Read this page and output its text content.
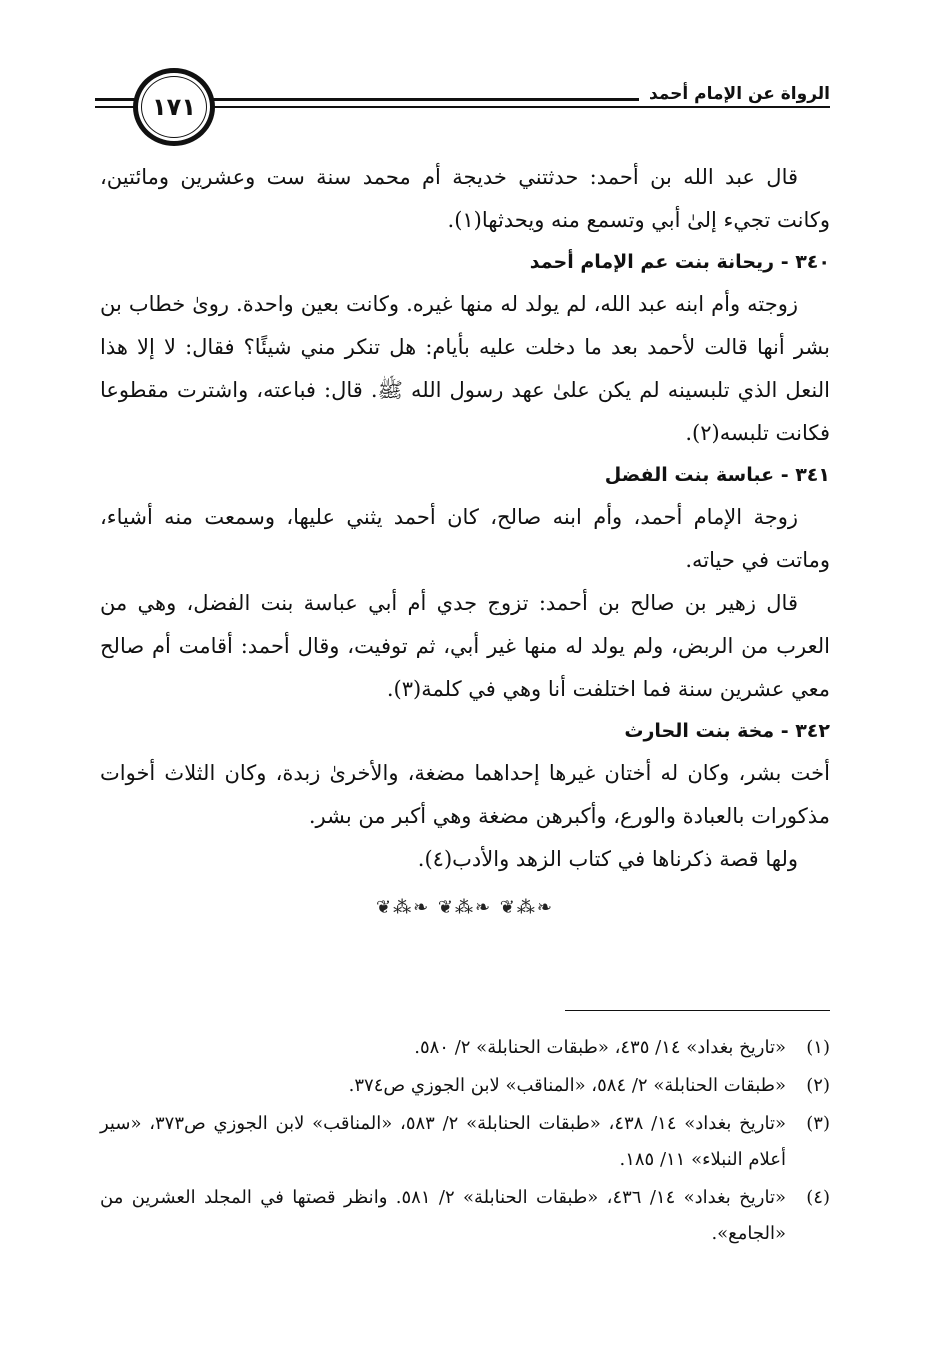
الرواة عن الإمام أحمد
١٧١

قال عبد الله بن أحمد: حدثتني خديجة أم محمد سنة ست وعشرين ومائتين، وكانت تجيء إلىٰ أبي وتسمع منه ويحدثها(١).

٣٤٠ - ريحانة بنت عم الإمام أحمد

زوجته وأم ابنه عبد الله، لم يولد له منها غيره. وكانت بعين واحدة. روىٰ خطاب بن بشر أنها قالت لأحمد بعد ما دخلت عليه بأيام: هل تنكر مني شيئًا؟ فقال: لا إلا هذا النعل الذي تلبسينه لم يكن علىٰ عهد رسول الله ﷺ. قال: فباعته، واشترت مقطوعا فكانت تلبسه(٢).

٣٤١ - عباسة بنت الفضل

زوجة الإمام أحمد، وأم ابنه صالح، كان أحمد يثني عليها، وسمعت منه أشياء، وماتت في حياته.

قال زهير بن صالح بن أحمد: تزوج جدي أم أبي عباسة بنت الفضل، وهي من العرب من الربض، ولم يولد له منها غير أبي، ثم توفيت، وقال أحمد: أقامت أم صالح معي عشرين سنة فما اختلفت أنا وهي في كلمة(٣).

٣٤٢ - مخة بنت الحارث

أخت بشر، وكان له أختان غيرها إحداهما مضغة، والأخرىٰ زبدة، وكان الثلاث أخوات مذكورات بالعبادة والورع، وأكبرهن مضغة وهي أكبر من بشر.

ولها قصة ذكرناها في كتاب الزهد والأدب(٤).

❧⁂❦ ❧⁂❦ ❧⁂❦
(١)
«تاريخ بغداد» ١٤/ ٤٣٥، «طبقات الحنابلة» ٢/ ٥٨٠.
(٢)
«طبقات الحنابلة» ٢/ ٥٨٤، «المناقب» لابن الجوزي ص٣٧٤.
(٣)
«تاريخ بغداد» ١٤/ ٤٣٨، «طبقات الحنابلة» ٢/ ٥٨٣، «المناقب» لابن الجوزي ص٣٧٣، «سير أعلام النبلاء» ١١/ ١٨٥.
(٤)
«تاريخ بغداد» ١٤/ ٤٣٦، «طبقات الحنابلة» ٢/ ٥٨١. وانظر قصتها في المجلد العشرين من «الجامع».
